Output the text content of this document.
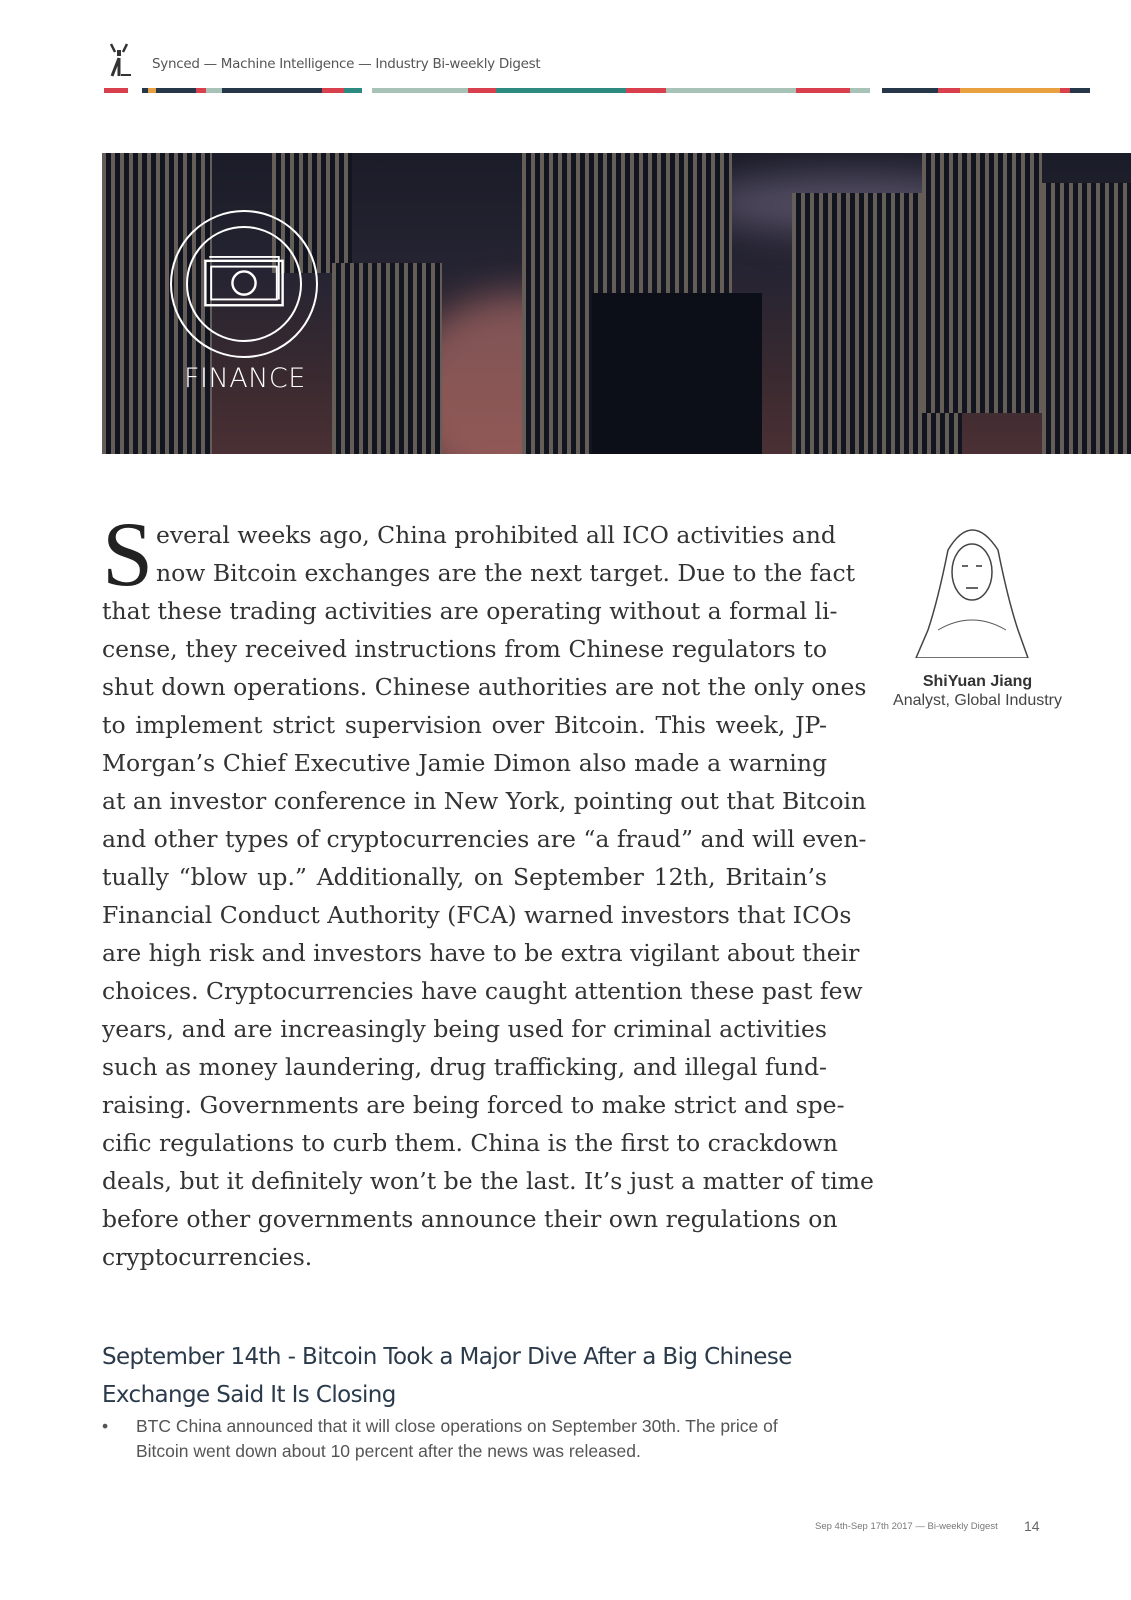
Synced — Machine Intelligence — Industry Bi-weekly Digest
FINANCE
S everal weeks ago, China prohibited all ICO activities and
now Bitcoin exchanges are the next target. Due to the fact
that these trading activities are operating without a formal li-
cense, they received instructions from Chinese regulators to
shut down operations. Chinese authorities are not the only ones
to implement strict supervision over Bitcoin. This week, JP-
Morgan’s Chief Executive Jamie Dimon also made a warning
at an investor conference in New York, pointing out that Bitcoin
and other types of cryptocurrencies are “a fraud” and will even-
tually “blow up.” Additionally, on September 12th, Britain’s
Financial Conduct Authority (FCA) warned investors that ICOs
are high risk and investors have to be extra vigilant about their
choices. Cryptocurrencies have caught attention these past few
years, and are increasingly being used for criminal activities
such as money laundering, drug trafficking, and illegal fund-
raising. Governments are being forced to make strict and spe-
cific regulations to curb them. China is the first to crackdown
deals, but it definitely won’t be the last. It’s just a matter of time
before other governments announce their own regulations on
cryptocurrencies.
ShiYuan Jiang
Analyst, Global Industry
September 14th - Bitcoin Took a Major Dive After a Big Chinese Exchange Said It Is Closing
• BTC China announced that it will close operations on September 30th. The price of Bitcoin went down about 10 percent after the news was released.
Sep 4th-Sep 17th 2017 — Bi-weekly Digest 14
